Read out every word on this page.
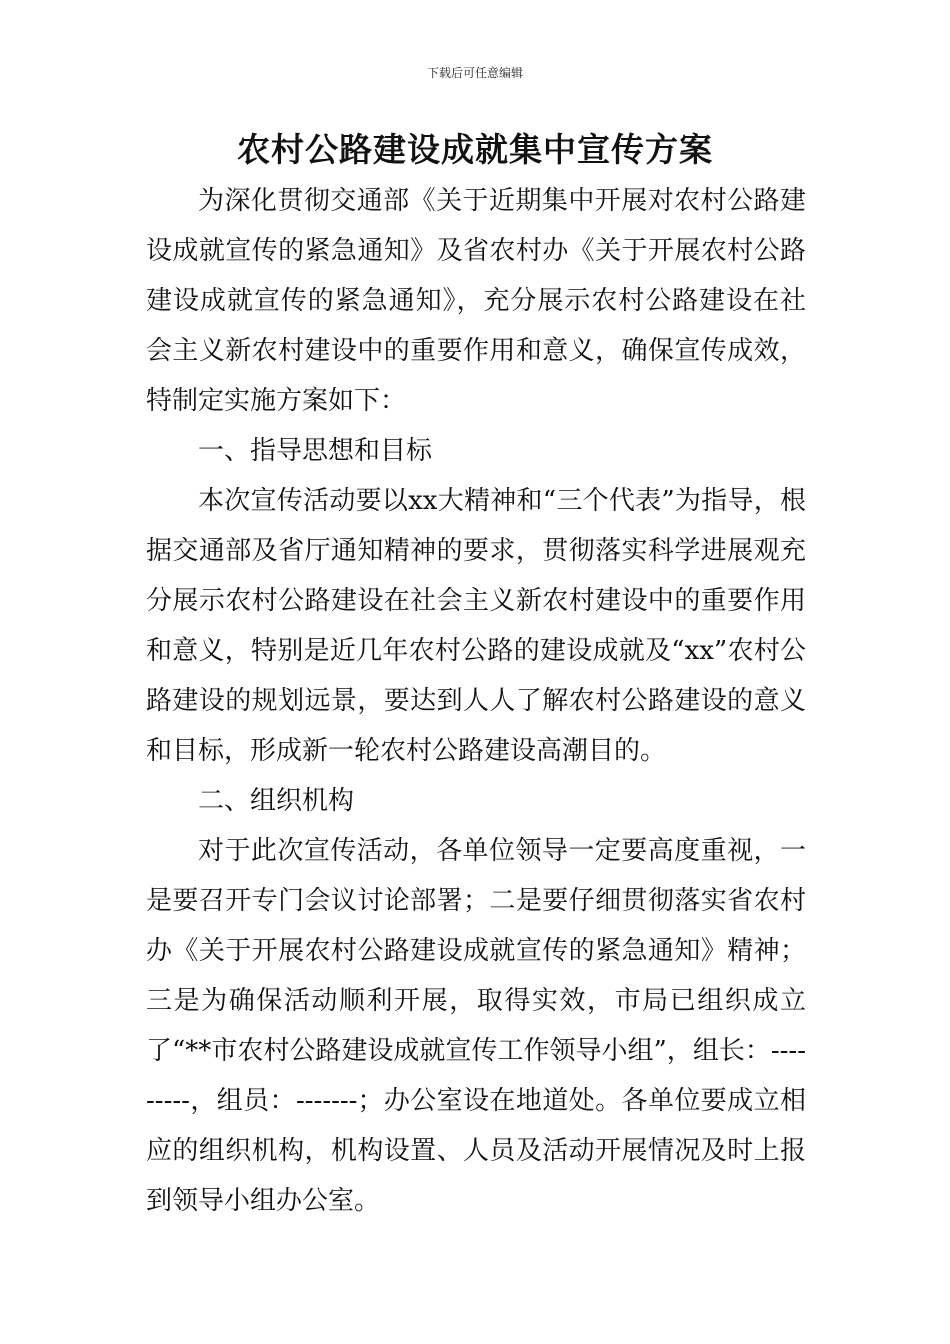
下载后可任意编辑
农村公路建设成就集中宣传方案

为深化贯彻交通部《关于近期集中开展对农村公路建设成就宣传的紧急通知》及省农村办《关于开展农村公路建设成就宣传的紧急通知》，充分展示农村公路建设在社会主义新农村建设中的重要作用和意义，确保宣传成效，特制定实施方案如下：

一、指导思想和目标

本次宣传活动要以xx大精神和“三个代表”为指导，根据交通部及省厅通知精神的要求，贯彻落实科学进展观充分展示农村公路建设在社会主义新农村建设中的重要作用和意义，特别是近几年农村公路的建设成就及“xx”农村公路建设的规划远景，要达到人人了解农村公路建设的意义和目标，形成新一轮农村公路建设高潮目的。

二、组织机构

对于此次宣传活动，各单位领导一定要高度重视，一是要召开专门会议讨论部署；二是要仔细贯彻落实省农村办《关于开展农村公路建设成就宣传的紧急通知》精神；三是为确保活动顺利开展，取得实效，市局已组织成立了“**市农村公路建设成就宣传工作领导小组”，组长：---------，组员：-------；办公室设在地道处。各单位要成立相应的组织机构，机构设置、人员及活动开展情况及时上报到领导小组办公室。
